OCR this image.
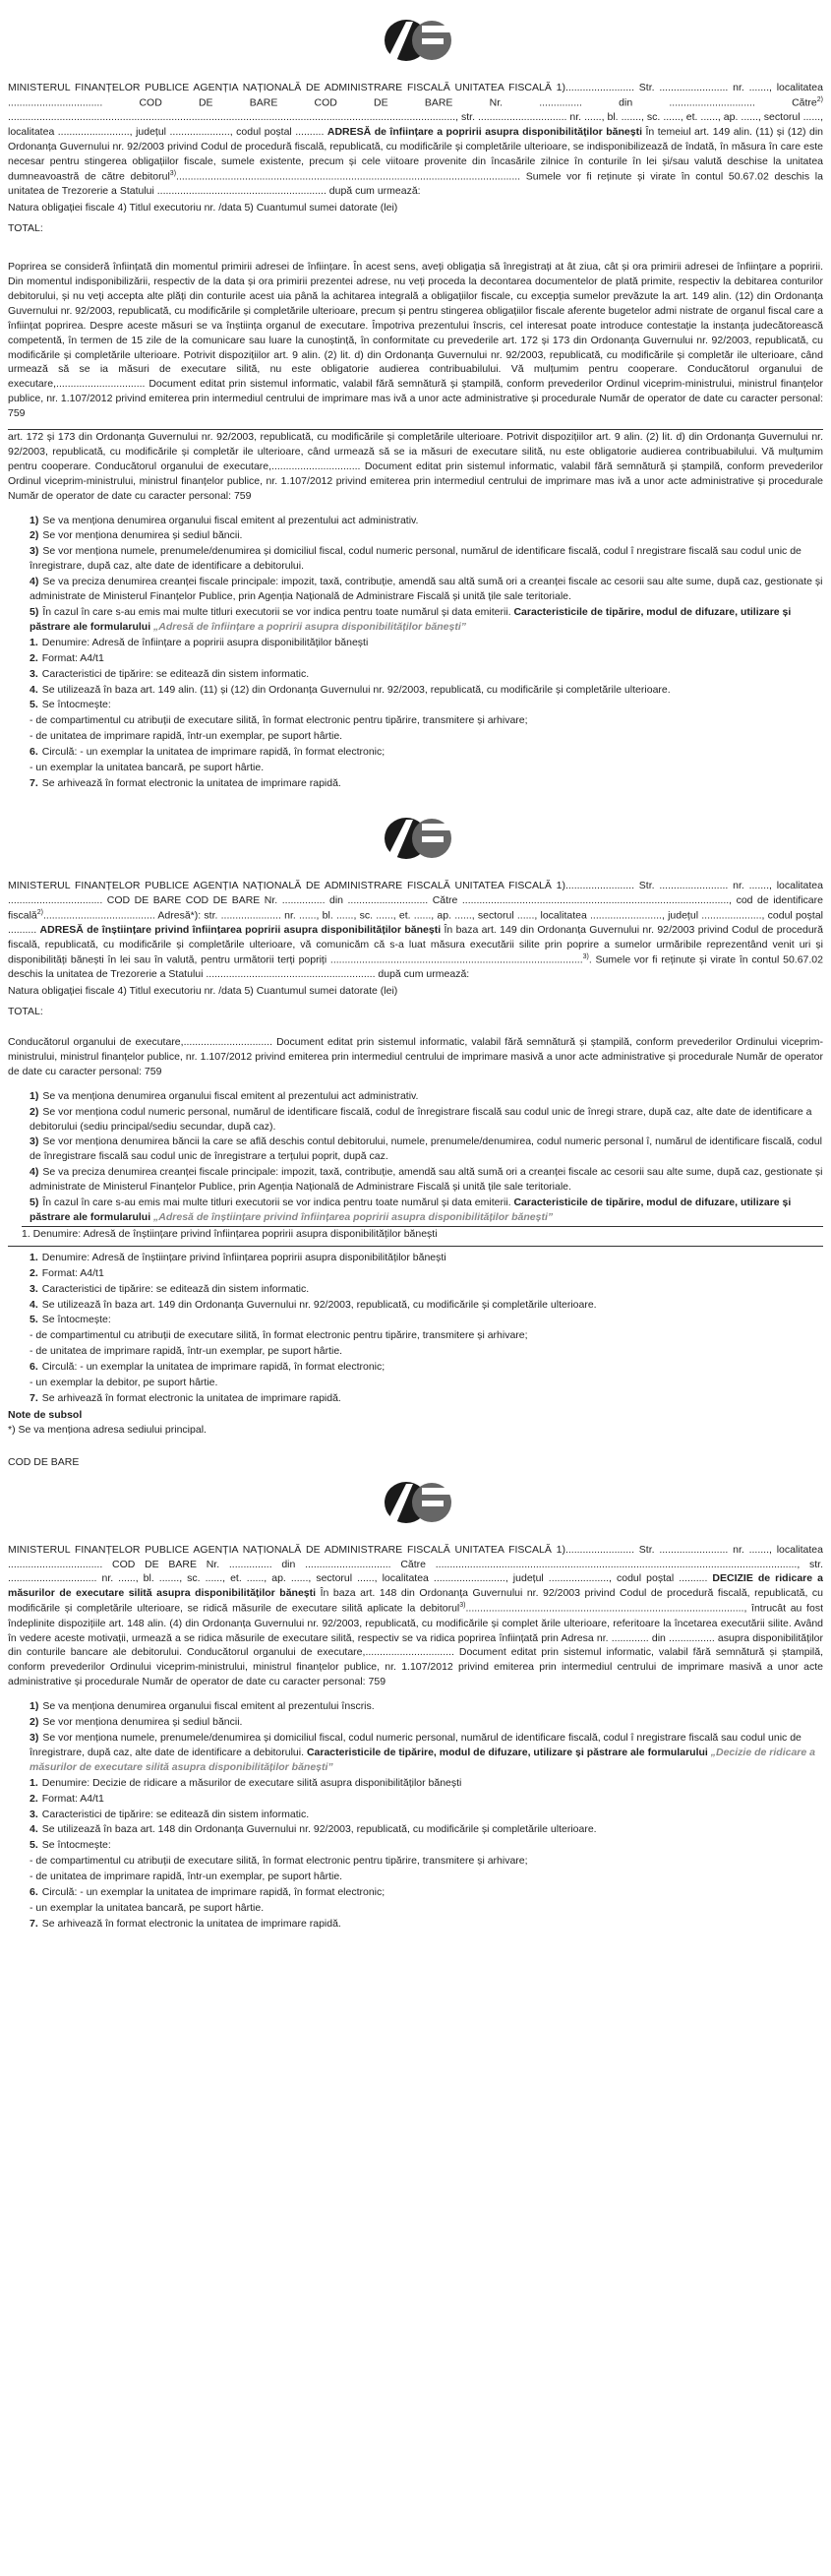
MINISTERUL FINANȚELOR PUBLICE AGENȚIA NAȚIONALĂ DE ADMINISTRARE FISCALĂ UNITATEA FISCALĂ 1)........................ Str. ........................ nr. ......., localitatea ................................. COD DE BARE COD DE BARE Nr. ............... din ..............................	Către$^{2)}$ ............................................................................................................................................................, str. ............................... nr. ......, bl. ......., sc. ......, et. ......, ap. ......, sectorul ......, localitatea ........................., județul ....................., codul poștal .......... ADRESĂ de înființare a popririi asupra disponibilităților bănești În temeiul art. 149 alin. (11) și (12) din Ordonanța Guvernului nr. 92/2003 privind Codul de procedură fiscală, republicată, cu modificările și completările ulterioare, se indisponibilizează de îndată, în măsura în care este necesar pentru stingerea obligațiilor fiscale, sumele existente, precum și cele viitoare provenite din încasările zilnice în conturile în lei și/sau valută deschise la unitatea dumneavoastră de către debitorul$^{3)}$........................................................................................................................ Sumele vor fi reținute și virate în contul 50.67.02 deschis la unitatea de Trezorerie a Statului ........................................................... după cum urmează:

Natura obligației fiscale 4) Titlul executoriu nr. /data 5) Cuantumul sumei datorate (lei)
TOTAL:

Poprirea se consideră înființată din momentul primirii adresei de înființare. În acest sens, aveți obligația să înregistrați at ât ziua, cât și ora primirii adresei de înființare a popririi. Din momentul indisponibilizării, respectiv de la data și ora primirii prezentei adrese, nu veți proceda la decontarea documentelor de plată primite, respectiv la debitarea conturilor debitorului, și nu veți accepta alte plăți din conturile acest uia până la achitarea integrală a obligațiilor fiscale, cu excepția sumelor prevăzute la art. 149 alin. (12) din Ordonanța Guvernului nr. 92/2003, republicată, cu modificările și completările ulterioare, precum și pentru stingerea obligațiilor fiscale aferente bugetelor admi nistrate de organul fiscal care a înființat poprirea. Despre aceste măsuri se va înștiința organul de executare. Împotriva prezentului înscris, cel interesat poate introduce contestație la instanța judecătorească competentă, în termen de 15 zile de la comunicare sau luare la cunoștință, în conformitate cu prevederile art. 172 și 173 din Ordonanța Guvernului nr. 92/2003, republicată, cu modificările și completările ulterioare. Potrivit dispozițiilor art. 9 alin. (2) lit. d) din Ordonanța Guvernului nr. 92/2003, republicată, cu modificările și completăr ile ulterioare, când urmează să se ia măsuri de executare silită, nu este obligatorie audierea contribuabilului. Vă mulțumim pentru cooperare. Conducătorul organului de executare,............................... Document editat prin sistemul informatic, valabil fără semnătură și ștampilă, conform prevederilor Ordinul viceprim-ministrului, ministrul finanțelor publice, nr. 1.107/2012 privind emiterea prin intermediul centrului de imprimare mas ivă a unor acte administrative și procedurale Număr de operator de date cu caracter personal: 759

art. 172 și 173 din Ordonanța Guvernului nr. 92/2003, republicată, cu modificările și completările ulterioare. Potrivit dispozițiilor art. 9 alin. (2) lit. d) din Ordonanța Guvernului nr. 92/2003, republicată, cu modificările și completăr ile ulterioare, când urmează să se ia măsuri de executare silită, nu este obligatorie audierea contribuabilului. Vă mulțumim pentru cooperare. Conducătorul organului de executare,............................... Document editat prin sistemul informatic, valabil fără semnătură și ștampilă, conform prevederilor Ordinul viceprim-ministrului, ministrul finanțelor publice, nr. 1.107/2012 privind emiterea prin intermediul centrului de imprimare mas ivă a unor acte administrative și procedurale Număr de operator de date cu caracter personal: 759

1) Se va menționa denumirea organului fiscal emitent al prezentului act administrativ.
2) Se vor menționa denumirea și sediul băncii.
3) Se vor menționa numele, prenumele/denumirea și domiciliul fiscal, codul numeric personal, numărul de identificare fiscală, codul î nregistrare fiscală sau codul unic de înregistrare, după caz, alte date de identificare a debitorului.
4) Se va preciza denumirea creanței fiscale principale: impozit, taxă, contribuție, amendă sau altă sumă ori a creanței fiscale ac cesorii sau alte sume, după caz, gestionate și administrate de Ministerul Finanțelor Publice, prin Agenția Națională de Administrare Fiscală și unită țile sale teritoriale.
5) În cazul în care s-au emis mai multe titluri executorii se vor indica pentru toate numărul și data emiterii. Caracteristicile de tipărire, modul de difuzare, utilizare și păstrare ale formularului „Adresă de înființare a popririi asupra disponibilităților bănești”
1. Denumire: Adresă de înființare a popririi asupra disponibilităților bănești
2. Format: A4/t1
3. Caracteristici de tipărire: se editează din sistem informatic.
4. Se utilizează în baza art. 149 alin. (11) și (12) din Ordonanța Guvernului nr. 92/2003, republicată, cu modificările și completările ulterioare.
5. Se întocmește:
- de compartimentul cu atribuții de executare silită, în format electronic pentru tipărire, transmitere și arhivare;
- de unitatea de imprimare rapidă, într-un exemplar, pe suport hârtie.
6. Circulă: - un exemplar la unitatea de imprimare rapidă, în format electronic;
- un exemplar la unitatea bancară, pe suport hârtie.
7. Se arhivează în format electronic la unitatea de imprimare rapidă.

MINISTERUL FINANȚELOR PUBLICE AGENȚIA NAȚIONALĂ DE ADMINISTRARE FISCALĂ UNITATEA FISCALĂ 1)........................ Str. ........................ nr. ......., localitatea ................................. COD DE BARE COD DE BARE Nr. ............... din ............................ Către ............................................................................................., cod de identificare fiscală$^{2)}$....................................... Adresă*): str. ..................... nr. ......, bl. ......, sc. ......, et. ......, ap. ......, sectorul ......, localitatea ........................., județul ....................., codul poștal .......... ADRESĂ de înștiințare privind înființarea popririi asupra disponibilităților bănești În baza art. 149 din Ordonanța Guvernului nr. 92/2003 privind Codul de procedură fiscală, republicată, cu modificările și completările ulterioare, vă comunicăm că s-a luat măsura executării silite prin poprire a sumelor urmăribile reprezentând venit uri și disponibilități bănești în lei sau în valută, pentru următorii terți popriți ........................................................................................$^{3)}$. Sumele vor fi reținute și virate în contul 50.67.02 deschis la unitatea de Trezorerie a Statului ........................................................... după cum urmează:

Natura obligației fiscale 4) Titlul executoriu nr. /data 5) Cuantumul sumei datorate (lei)
TOTAL:

Conducătorul organului de executare,............................... Document editat prin sistemul informatic, valabil fără semnătură și ștampilă, conform prevederilor Ordinului viceprim-ministrului, ministrul finanțelor publice, nr. 1.107/2012 privind emiterea prin intermediul centrului de imprimare masivă a unor acte administrative și procedurale Număr de operator de date cu caracter personal: 759

1) Se va menționa denumirea organului fiscal emitent al prezentului act administrativ.
2) Se vor menționa codul numeric personal, numărul de identificare fiscală, codul de înregistrare fiscală sau codul unic de înregi strare, după caz, alte date de identificare a debitorului (sediu principal/sediu secundar, după caz).
3) Se vor menționa denumirea băncii la care se află deschis contul debitorului, numele, prenumele/denumirea, codul numeric personal î, numărul de identificare fiscală, codul de înregistrare fiscală sau codul unic de înregistrare a terțului poprit, după caz.
4) Se va preciza denumirea creanței fiscale principale: impozit, taxă, contribuție, amendă sau altă sumă ori a creanței fiscale ac cesorii sau alte sume, după caz, gestionate și administrate de Ministerul Finanțelor Publice, prin Agenția Națională de Administrare Fiscală și unită țile sale teritoriale.
5) În cazul în care s-au emis mai multe titluri executorii se vor indica pentru toate numărul și data emiterii. Caracteristicile de tipărire, modul de difuzare, utilizare și păstrare ale formularului „Adresă de înștiințare privind înființarea popririi asupra disponibilităților bănești”
1. Denumire: Adresă de înștiințare privind înființarea popririi asupra disponibilităților bănești
1. Denumire: Adresă de înștiințare privind înființarea popririi asupra disponibilităților bănești
2. Format: A4/t1
3. Caracteristici de tipărire: se editează din sistem informatic.
4. Se utilizează în baza art. 149 din Ordonanța Guvernului nr. 92/2003, republicată, cu modificările și completările ulterioare.
5. Se întocmește:
- de compartimentul cu atribuții de executare silită, în format electronic pentru tipărire, transmitere și arhivare;
- de unitatea de imprimare rapidă, într-un exemplar, pe suport hârtie.
6. Circulă: - un exemplar la unitatea de imprimare rapidă, în format electronic;
- un exemplar la debitor, pe suport hârtie.
7. Se arhivează în format electronic la unitatea de imprimare rapidă.
Note de subsol
*) Se va menționa adresa sediului principal.
COD DE BARE

MINISTERUL FINANȚELOR PUBLICE AGENȚIA NAȚIONALĂ DE ADMINISTRARE FISCALĂ UNITATEA FISCALĂ 1)........................ Str. ........................ nr. ......., localitatea ................................. COD DE BARE Nr. ............... din .............................. Către .............................................................................................................................., str. ............................... nr. ......, bl. ......., sc. ......, et. ......, ap. ......, sectorul ......, localitatea ........................., județul ....................., codul poștal .......... DECIZIE de ridicare a măsurilor de executare silită asupra disponibilităților bănești În baza art. 148 din Ordonanța Guvernului nr. 92/2003 privind Codul de procedură fiscală, republicată, cu modificările și completările ulterioare, se ridică măsurile de executare silită aplicate la debitorul$^{3)}$................................................................................................., întrucât au fost îndeplinite dispozițiile art. 148 alin. (4) din Ordonanța Guvernului nr. 92/2003, republicată, cu modificările și complet ările ulterioare, referitoare la încetarea executării silite. Având în vedere aceste motivații, urmează a se ridica măsurile de executare silită, respectiv se va ridica poprirea înființată prin Adresa nr. ............. din ................ asupra disponibilităților din conturile bancare ale debitorului. Conducătorul organului de executare,............................... Document editat prin sistemul informatic, valabil fără semnătură și ștampilă, conform prevederilor Ordinului viceprim-ministrului, ministrul finanțelor publice, nr. 1.107/2012 privind emiterea prin intermediul centrului de imprimare masivă a unor acte administrative și procedurale Număr de operator de date cu caracter personal: 759

1) Se va menționa denumirea organului fiscal emitent al prezentului înscris.
2) Se vor menționa denumirea și sediul băncii.
3) Se vor menționa numele, prenumele/denumirea și domiciliul fiscal, codul numeric personal, numărul de identificare fiscală, codul î nregistrare fiscală sau codul unic de înregistrare, după caz, alte date de identificare a debitorului. Caracteristicile de tipărire, modul de difuzare, utilizare și păstrare ale formularului „Decizie de ridicare a măsurilor de executare silită asupra disponibilităților bănești”
1. Denumire: Decizie de ridicare a măsurilor de executare silită asupra disponibilităților bănești
2. Format: A4/t1
3. Caracteristici de tipărire: se editează din sistem informatic.
4. Se utilizează în baza art. 148 din Ordonanța Guvernului nr. 92/2003, republicată, cu modificările și completările ulterioare.
5. Se întocmește:
- de compartimentul cu atribuții de executare silită, în format electronic pentru tipărire, transmitere și arhivare;
- de unitatea de imprimare rapidă, într-un exemplar, pe suport hârtie.
6. Circulă: - un exemplar la unitatea de imprimare rapidă, în format electronic;
- un exemplar la unitatea bancară, pe suport hârtie.
7. Se arhivează în format electronic la unitatea de imprimare rapidă.
